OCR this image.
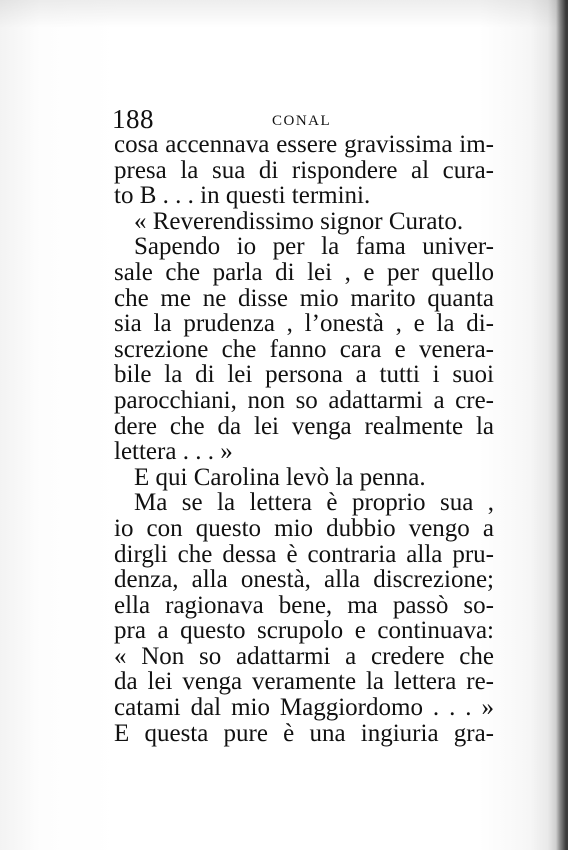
188	CONAL
cosa accennava essere gravissima im-
presa la sua di rispondere al cura-
to B . . . in questi termini.
« Reverendissimo signor Curato.
Sapendo io per la fama univer-
sale che parla di lei , e per quello
che me ne disse mio marito quanta
sia la prudenza , l’onestà , e la di-
screzione che fanno cara e venera-
bile la di lei persona a tutti i suoi
parocchiani, non so adattarmi a cre-
dere che da lei venga realmente la
lettera . . . »
E qui Carolina levò la penna.
Ma se la lettera è proprio sua ,
io con questo mio dubbio vengo a
dirgli che dessa è contraria alla pru-
denza, alla onestà, alla discrezione;
ella ragionava bene, ma passò so-
pra a questo scrupolo e continuava:
« Non so adattarmi a credere che
da lei venga veramente la lettera re-
catami dal mio Maggiordomo . . . »
E questa pure è una ingiuria gra-
